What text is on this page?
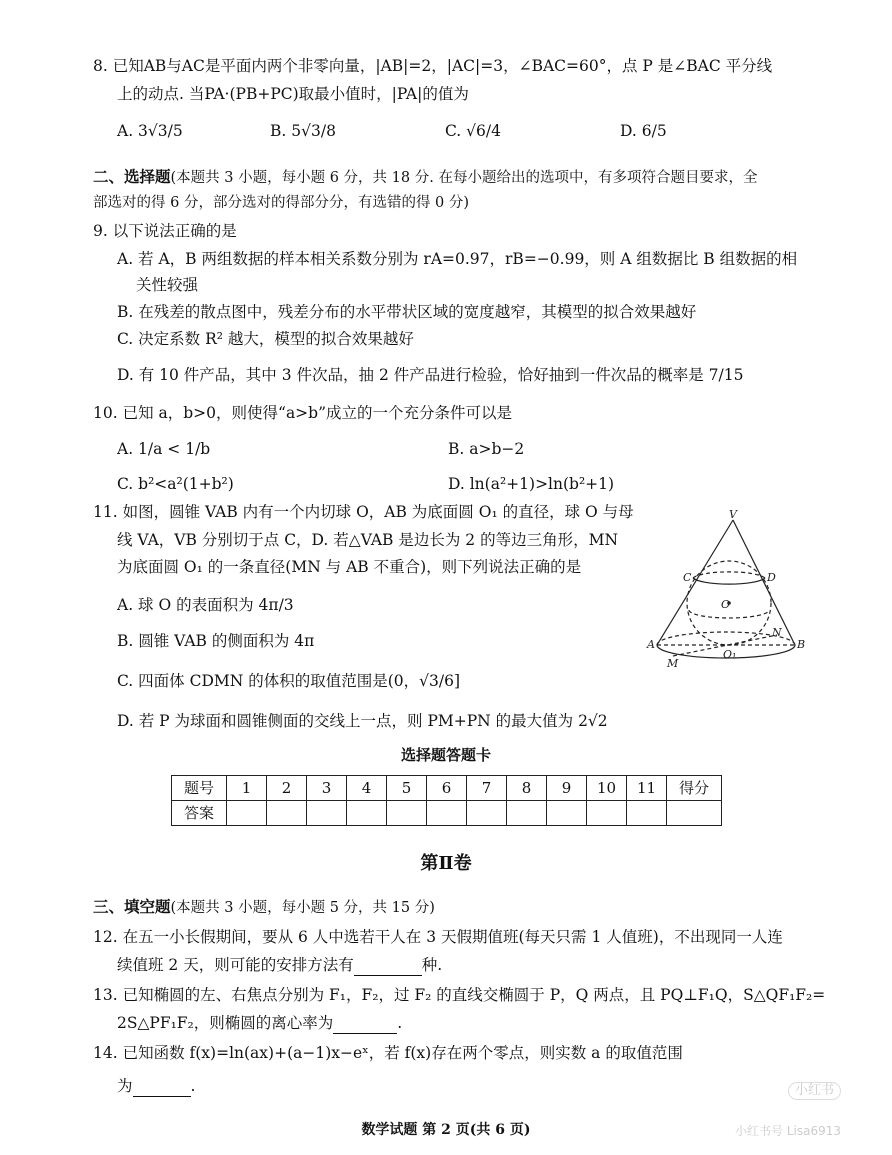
8. 已知AB与AC是平面内两个非零向量，|AB|=2，|AC|=3，∠BAC=60°，点 P 是∠BAC 平分线
上的动点. 当PA·(PB+PC)取最小值时，|PA|的值为
A. 3√3/5	B. 5√3/8	C. √6/4	D. 6/5
二、选择题(本题共 3 小题，每小题 6 分，共 18 分. 在每小题给出的选项中，有多项符合题目要求，全
部选对的得 6 分，部分选对的得部分分，有选错的得 0 分)
9. 以下说法正确的是
A. 若 A，B 两组数据的样本相关系数分别为 rA=0.97，rB=−0.99，则 A 组数据比 B 组数据的相
关性较强
B. 在残差的散点图中，残差分布的水平带状区域的宽度越窄，其模型的拟合效果越好
C. 决定系数 R² 越大，模型的拟合效果越好
D. 有 10 件产品，其中 3 件次品，抽 2 件产品进行检验，恰好抽到一件次品的概率是 7/15
10. 已知 a，b>0，则使得“a>b”成立的一个充分条件可以是
A. 1/a < 1/b	B. a>b−2
C. b²<a²(1+b²)	D. ln(a²+1)>ln(b²+1)
11. 如图，圆锥 VAB 内有一个内切球 O，AB 为底面圆 O₁ 的直径，球 O 与母
线 VA，VB 分别切于点 C，D. 若△VAB 是边长为 2 的等边三角形，MN
为底面圆 O₁ 的一条直径(MN 与 AB 不重合)，则下列说法正确的是
A. 球 O 的表面积为 4π/3
B. 圆锥 VAB 的侧面积为 4π
C. 四面体 CDMN 的体积的取值范围是(0，√3/6]
D. 若 P 为球面和圆锥侧面的交线上一点，则 PM+PN 的最大值为 2√2
V
C	D
O
A	B
M
N
O₁
选择题答题卡
题号	1	2	3	4	5	6	7	8	9	10	11	得分
答案												
第Ⅱ卷
三、填空题(本题共 3 小题，每小题 5 分，共 15 分)
12. 在五一小长假期间，要从 6 人中选若干人在 3 天假期值班(每天只需 1 人值班)，不出现同一人连
续值班 2 天，则可能的安排方法有	种.
13. 已知椭圆的左、右焦点分别为 F₁，F₂，过 F₂ 的直线交椭圆于 P，Q 两点，且 PQ⊥F₁Q，S△QF₁F₂=
2S△PF₁F₂，则椭圆的离心率为	.
14. 已知函数 f(x)=ln(ax)+(a−1)x−eˣ，若 f(x)存在两个零点，则实数 a 的取值范围
为	.
数学试题 第 2 页(共 6 页)
小红书
小红书号 Lisa6913
